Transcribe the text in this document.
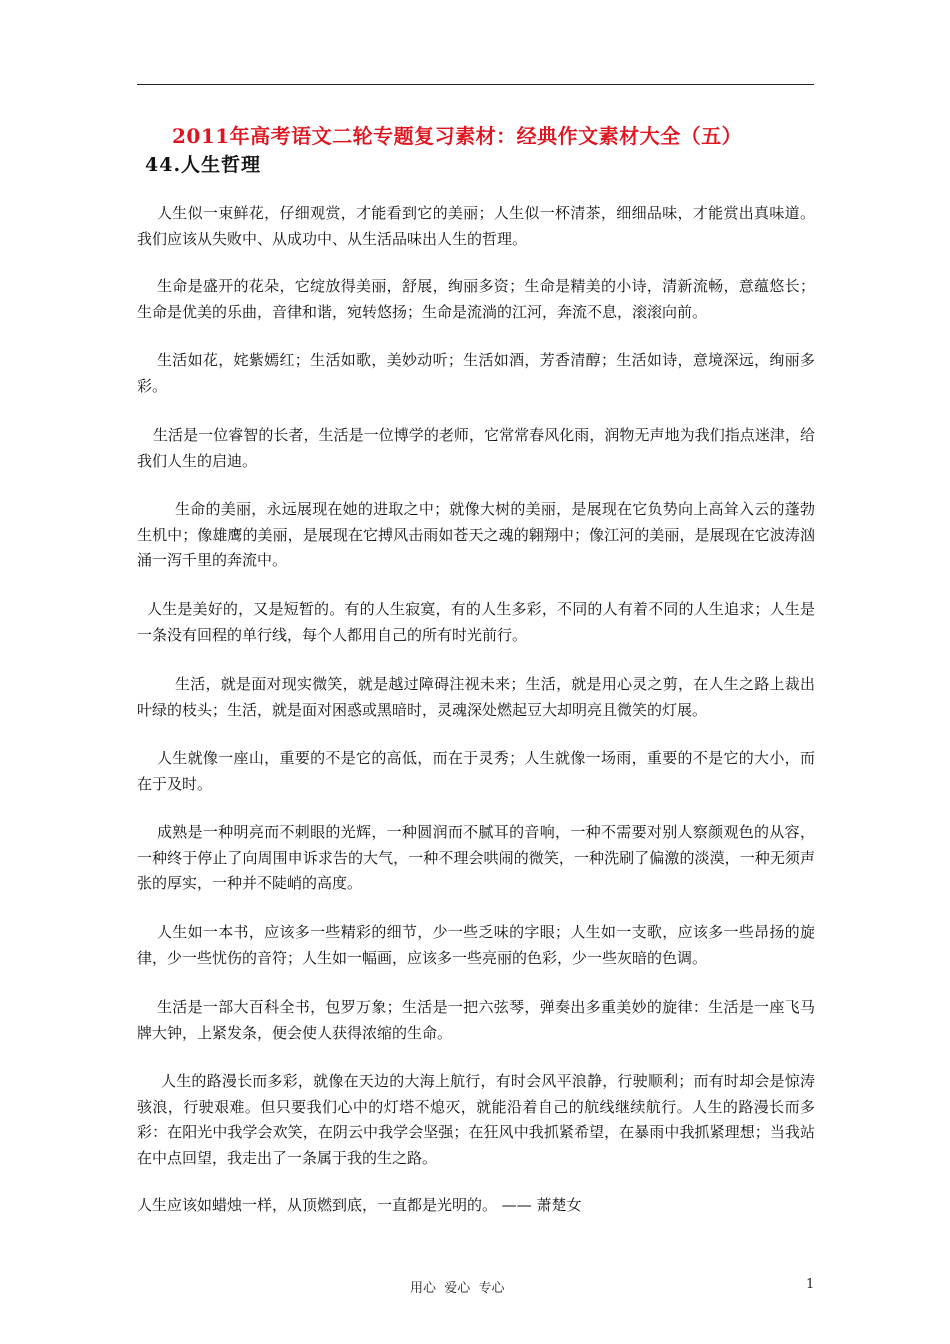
2011年高考语文二轮专题复习素材：经典作文素材大全（五）
44.人生哲理
人生似一束鲜花，仔细观赏，才能看到它的美丽；人生似一杯清茶，细细品味，才能赏出真味道。我们应该从失败中、从成功中、从生活品味出人生的哲理。
生命是盛开的花朵，它绽放得美丽，舒展，绚丽多资；生命是精美的小诗，清新流畅，意蕴悠长；生命是优美的乐曲，音律和谐，宛转悠扬；生命是流淌的江河，奔流不息，滚滚向前。
生活如花，姹紫嫣红；生活如歌，美妙动听；生活如酒，芳香清醇；生活如诗，意境深远，绚丽多彩。
生活是一位睿智的长者，生活是一位博学的老师，它常常春风化雨，润物无声地为我们指点迷津，给我们人生的启迪。
生命的美丽，永远展现在她的进取之中；就像大树的美丽，是展现在它负势向上高耸入云的蓬勃生机中；像雄鹰的美丽，是展现在它搏风击雨如苍天之魂的翱翔中；像江河的美丽，是展现在它波涛汹涌一泻千里的奔流中。
人生是美好的，又是短暂的。有的人生寂寞，有的人生多彩，不同的人有着不同的人生追求；人生是一条没有回程的单行线，每个人都用自己的所有时光前行。
生活，就是面对现实微笑，就是越过障碍注视未来；生活，就是用心灵之剪，在人生之路上裁出叶绿的枝头；生活，就是面对困惑或黑暗时，灵魂深处燃起豆大却明亮且微笑的灯展。
人生就像一座山，重要的不是它的高低，而在于灵秀；人生就像一场雨，重要的不是它的大小，而在于及时。
成熟是一种明亮而不刺眼的光辉，一种圆润而不腻耳的音响，一种不需要对别人察颜观色的从容，一种终于停止了向周围申诉求告的大气，一种不理会哄闹的微笑，一种洗刷了偏激的淡漠，一种无须声张的厚实，一种并不陡峭的高度。
人生如一本书，应该多一些精彩的细节，少一些乏味的字眼；人生如一支歌，应该多一些昂扬的旋律，少一些忧伤的音符；人生如一幅画，应该多一些亮丽的色彩，少一些灰暗的色调。
生活是一部大百科全书，包罗万象；生活是一把六弦琴，弹奏出多重美妙的旋律：生活是一座飞马牌大钟，上紧发条，便会使人获得浓缩的生命。
人生的路漫长而多彩，就像在天边的大海上航行，有时会风平浪静，行驶顺利；而有时却会是惊涛骇浪，行驶艰难。但只要我们心中的灯塔不熄灭，就能沿着自己的航线继续航行。人生的路漫长而多彩：在阳光中我学会欢笑，在阴云中我学会坚强；在狂风中我抓紧希望，在暴雨中我抓紧理想；当我站在中点回望，我走出了一条属于我的生之路。
人生应该如蜡烛一样，从顶燃到底，一直都是光明的。 —— 萧楚女
用心  爱心  专心	1
